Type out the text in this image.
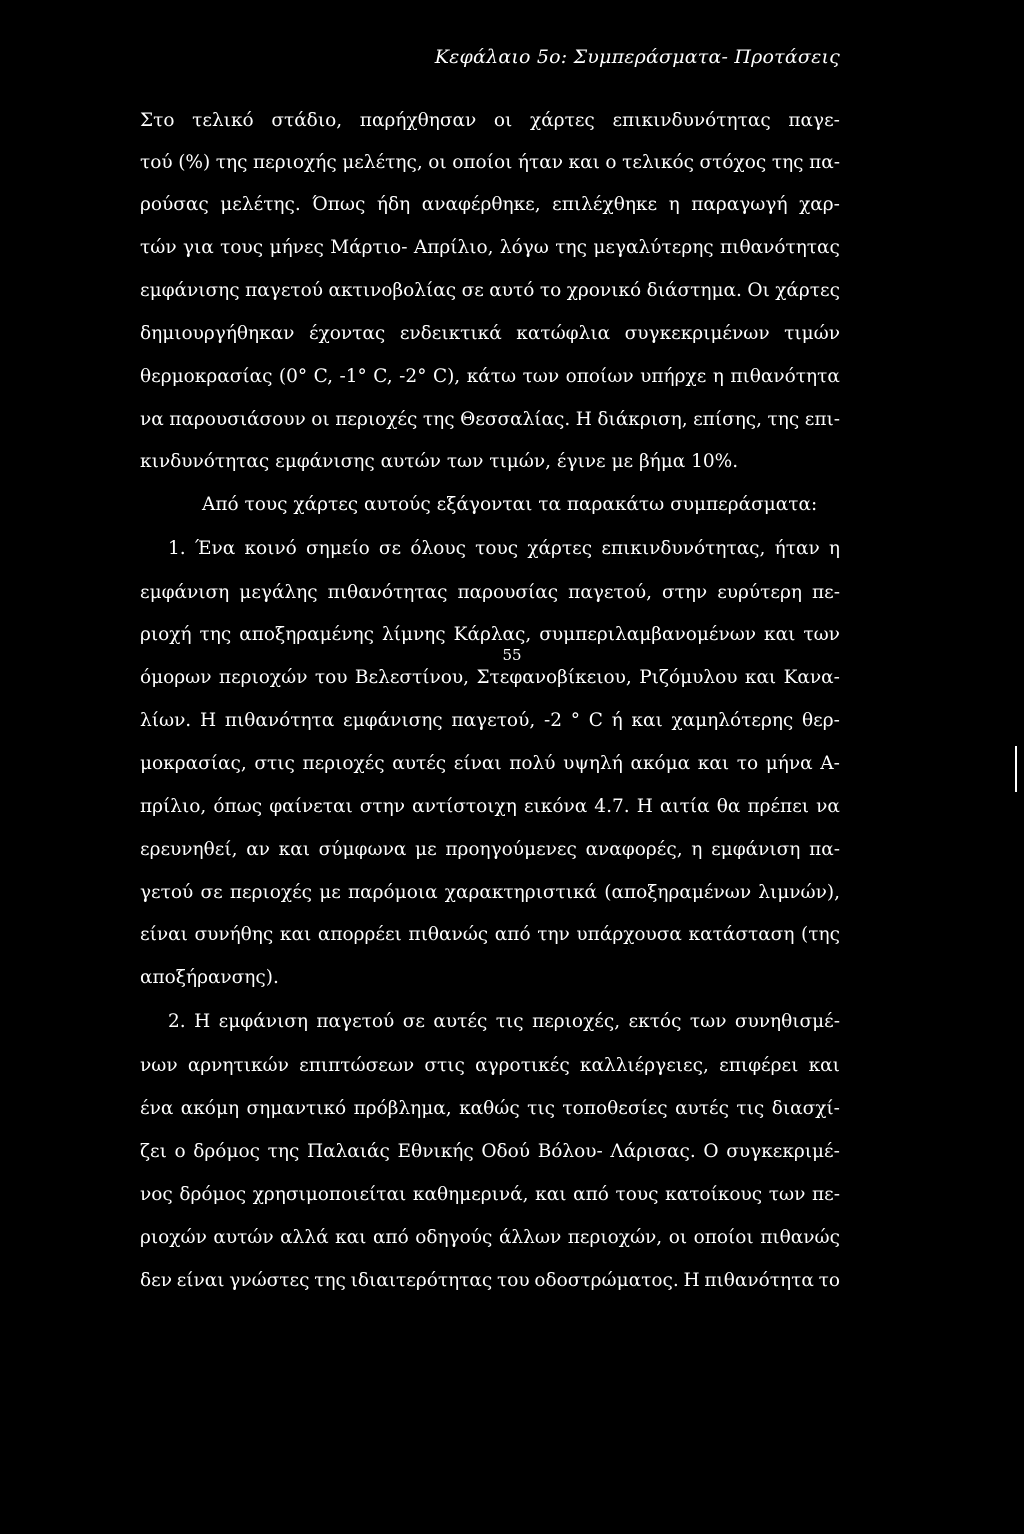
Κεφάλαιο 5ο: Συμπεράσματα- Προτάσεις
Στο τελικό στάδιο, παρήχθησαν οι χάρτες επικινδυνότητας παγε-
τού (%) της περιοχής μελέτης, οι οποίοι ήταν και ο τελικός στόχος της πα-
ρούσας μελέτης. Όπως ήδη αναφέρθηκε, επιλέχθηκε η παραγωγή χαρ-
τών για τους μήνες Μάρτιο- Απρίλιο, λόγω της μεγαλύτερης πιθανότητας
εμφάνισης παγετού ακτινοβολίας σε αυτό το χρονικό διάστημα. Οι χάρτες
δημιουργήθηκαν έχοντας ενδεικτικά κατώφλια συγκεκριμένων τιμών
θερμοκρασίας (0° C, -1° C, -2° C), κάτω των οποίων υπήρχε η πιθανότητα
να παρουσιάσουν οι περιοχές της Θεσσαλίας. Η διάκριση, επίσης, της επι-
κινδυνότητας εμφάνισης αυτών των τιμών, έγινε με βήμα 10%.
Από τους χάρτες αυτούς εξάγονται τα παρακάτω συμπεράσματα:
1. Ένα κοινό σημείο σε όλους τους χάρτες επικινδυνότητας, ήταν η
εμφάνιση μεγάλης πιθανότητας παρουσίας παγετού, στην ευρύτερη πε-
ριοχή της αποξηραμένης λίμνης Κάρλας, συμπεριλαμβανομένων και των
όμορων περιοχών του Βελεστίνου, Στεφανοβίκειου, Ριζόμυλου και Κανα-
λίων. Η πιθανότητα εμφάνισης παγετού, -2 ° C ή και χαμηλότερης θερ-
μοκρασίας, στις περιοχές αυτές είναι πολύ υψηλή ακόμα και το μήνα Α-
πρίλιο, όπως φαίνεται στην αντίστοιχη εικόνα 4.7. Η αιτία θα πρέπει να
ερευνηθεί, αν και σύμφωνα με προηγούμενες αναφορές, η εμφάνιση πα-
γετού σε περιοχές με παρόμοια χαρακτηριστικά (αποξηραμένων λιμνών),
είναι συνήθης και απορρέει πιθανώς από την υπάρχουσα κατάσταση (της
αποξήρανσης).
2. Η εμφάνιση παγετού σε αυτές τις περιοχές, εκτός των συνηθισμέ-
νων αρνητικών επιπτώσεων στις αγροτικές καλλιέργειες, επιφέρει και
ένα ακόμη σημαντικό πρόβλημα, καθώς τις τοποθεσίες αυτές τις διασχί-
ζει ο δρόμος της Παλαιάς Εθνικής Οδού Βόλου- Λάρισας. Ο συγκεκριμέ-
νος δρόμος χρησιμοποιείται καθημερινά, και από τους κατοίκους των πε-
ριοχών αυτών αλλά και από οδηγούς άλλων περιοχών, οι οποίοι πιθανώς
δεν είναι γνώστες της ιδιαιτερότητας του οδοστρώματος. Η πιθανότητα το
55
